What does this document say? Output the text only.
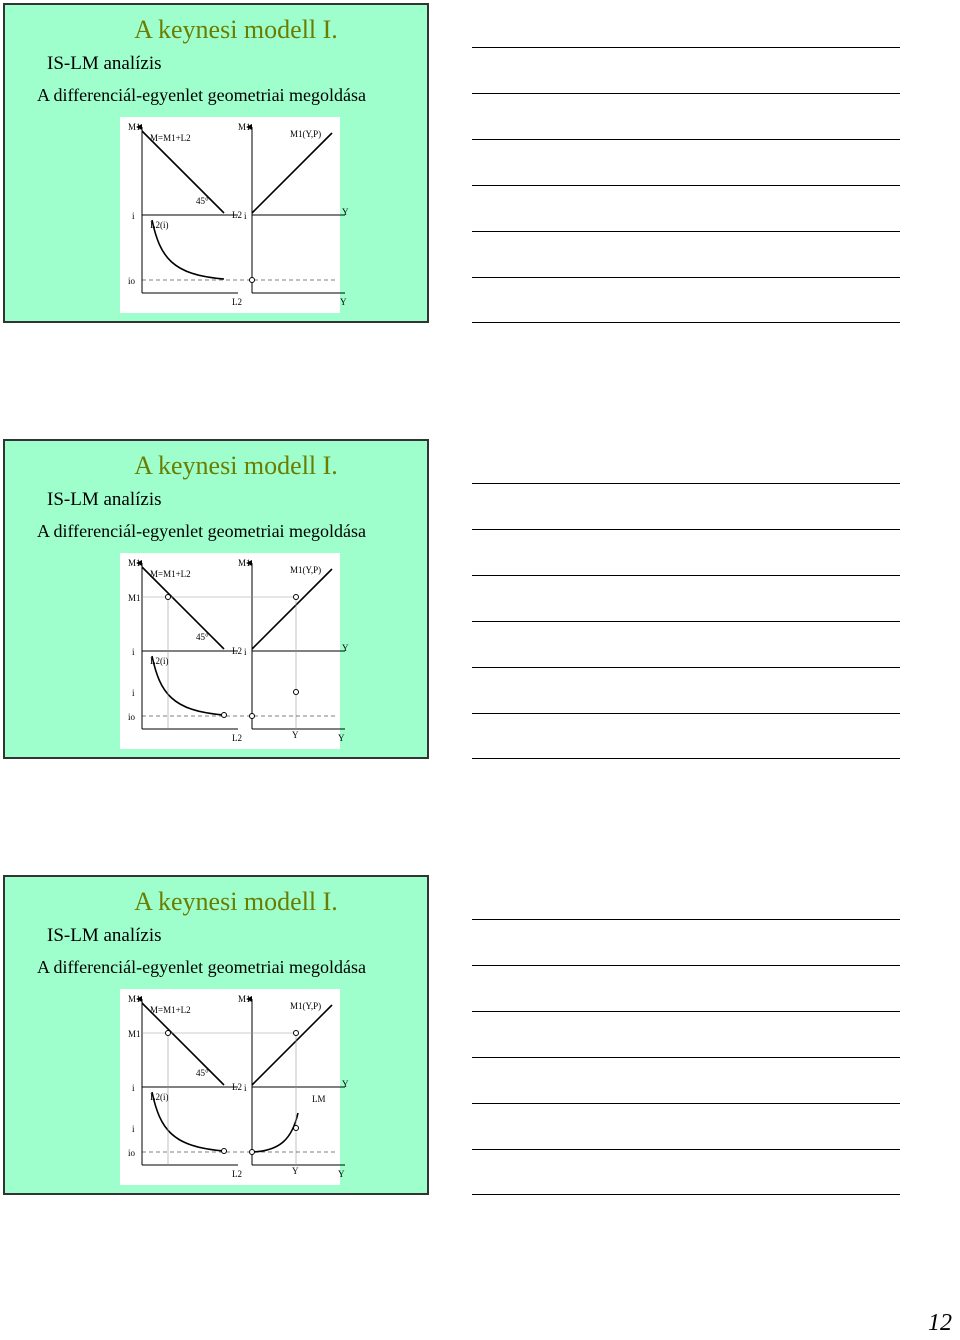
A keynesi modell I.
IS-LM analízis
A differenciál-egyenlet geometriai megoldása
M1
M=M1+L2
M1
M1(Y,P)
45°
i
L2(i)
L2 i	Y
io
L2	Y
A keynesi modell I.
IS-LM analízis
A differenciál-egyenlet geometriai megoldása
M1
M=M1+L2
M1
M1(Y,P)
M1
45°
i
L2(i)
L2 i	Y
i
io
L2	Y	Y
A keynesi modell I.
IS-LM analízis
A differenciál-egyenlet geometriai megoldása
M1
M=M1+L2
M1
M1(Y,P)
M1
45°
i
L2(i)
L2 i	Y
LM
i
io
L2	Y	Y
12
